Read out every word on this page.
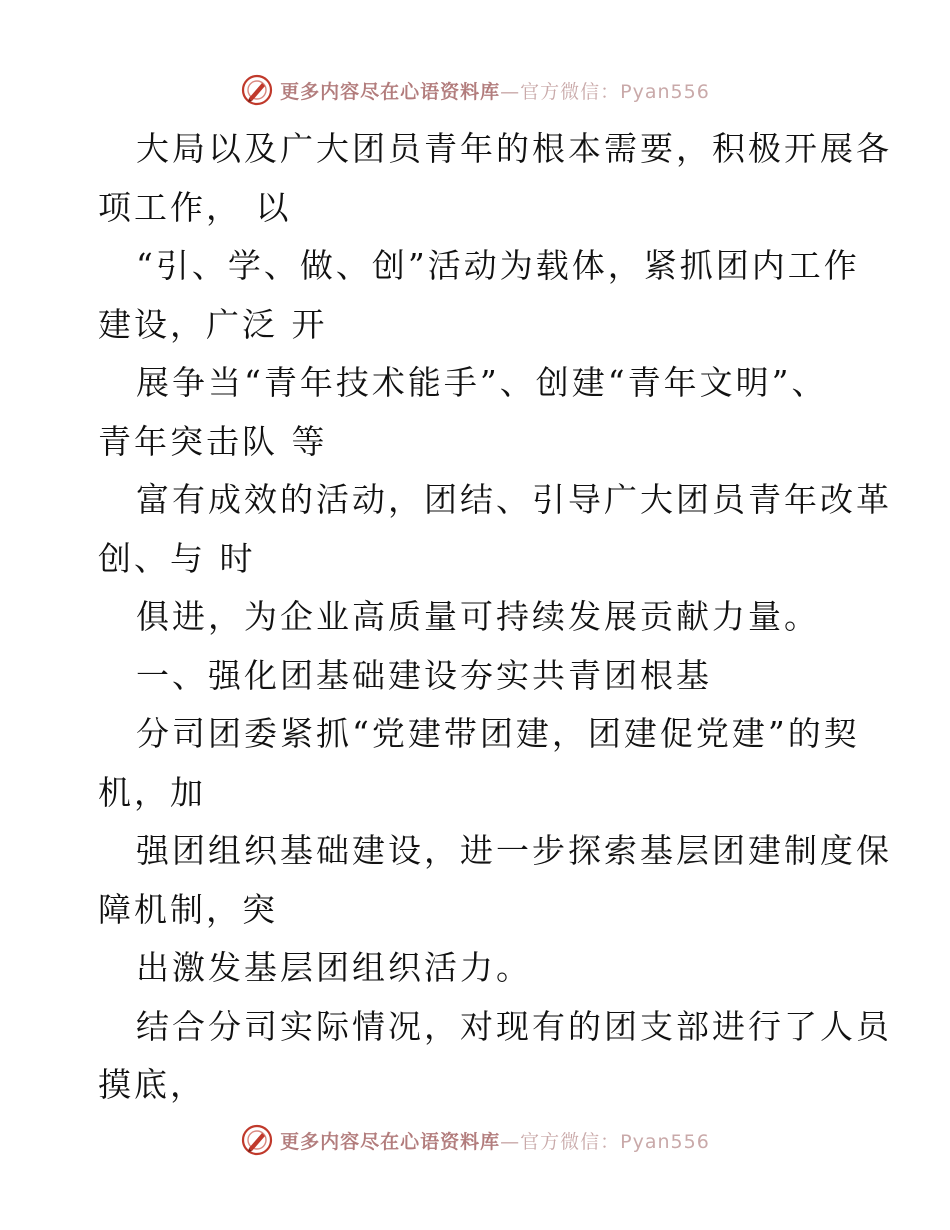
更多内容尽在心语资料库—官方微信：Pyan556
大局以及广大团员青年的根本需要，积极开展各
项工作， 以
“引、学、做、创”活动为载体，紧抓团内工作
建设，广泛 开
展争当“青年技术能手”、创建“青年文明”、
青年突击队 等
富有成效的活动，团结、引导广大团员青年改革
创、与 时
俱进，为企业高质量可持续发展贡献力量。
一、强化团基础建设夯实共青团根基
分司团委紧抓“党建带团建，团建促党建”的契
机，加
强团组织基础建设，进一步探索基层团建制度保
障机制，突
出激发基层团组织活力。
结合分司实际情况，对现有的团支部进行了人员
摸底，
更多内容尽在心语资料库—官方微信：Pyan556
